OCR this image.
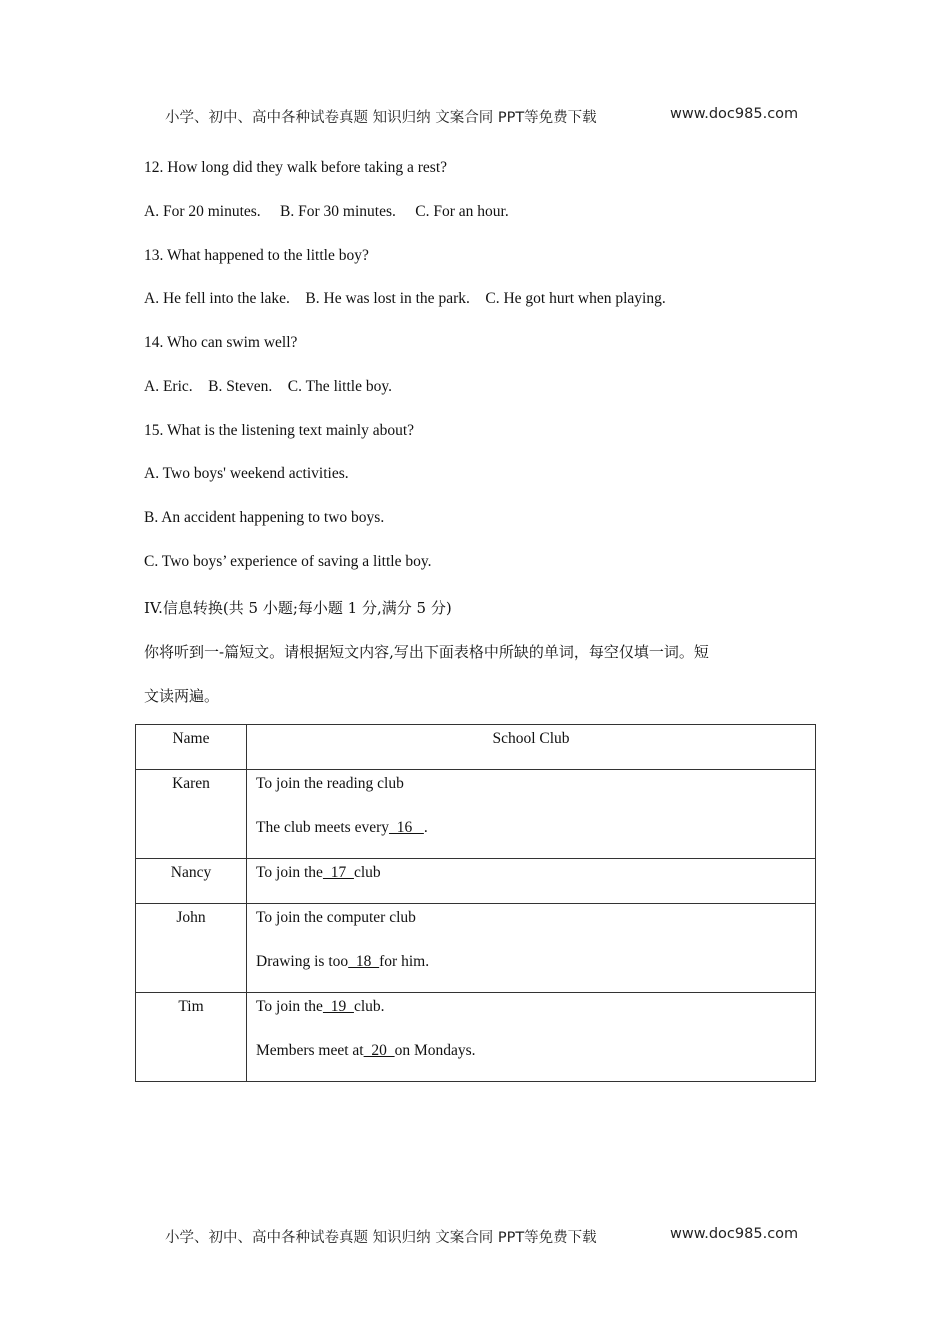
小学、初中、高中各种试卷真题 知识归纳 文案合同 PPT等免费下载	www.doc985.com
12. How long did they walk before taking a rest?
A. For 20 minutes.     B. For 30 minutes.     C. For an hour.
13. What happened to the little boy?
A. He fell into the lake.    B. He was lost in the park.    C. He got hurt when playing.
14. Who can swim well?
A. Eric.    B. Steven.    C. The little boy.
15. What is the listening text mainly about?
A. Two boys' weekend activities.
B. An accident happening to two boys.
C. Two boys’ experience of saving a little boy.
IV.信息转换(共 5 小题;每小题 1 分,满分 5 分)
你将听到一-篇短文。请根据短文内容,写出下面表格中所缺的单词，每空仅填一词。短
文读两遍。
Name	School Club

Karen	To join the reading club
The club meets every  16   .

Nancy	To join the  17  club

John	To join the computer club
Drawing is too  18  for him.

Tim	To join the  19  club.
Members meet at  20  on Mondays.
小学、初中、高中各种试卷真题 知识归纳 文案合同 PPT等免费下载	www.doc985.com
